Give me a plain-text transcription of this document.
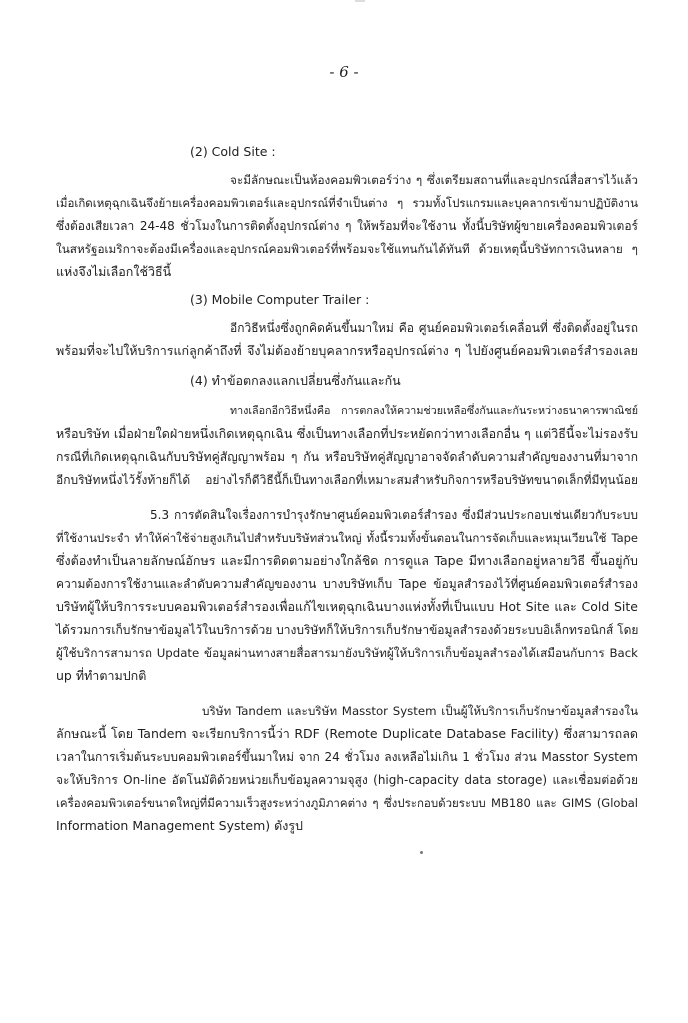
- 6 -
(2) Cold Site :
จะมีลักษณะเป็นห้องคอมพิวเตอร์ว่าง ๆ ซึ่งเตรียมสถานที่และอุปกรณ์สื่อสารไว้แล้ว
เมื่อเกิดเหตุฉุกเฉินจึงย้ายเครื่องคอมพิวเตอร์และอุปกรณ์ที่จำเป็นต่าง ๆ รวมทั้งโปรแกรมและบุคลากรเข้ามาปฏิบัติงาน
ซึ่งต้องเสียเวลา 24-48 ชั่วโมงในการติดตั้งอุปกรณ์ต่าง ๆ ให้พร้อมที่จะใช้งาน ทั้งนี้บริษัทผู้ขายเครื่องคอมพิวเตอร์
ในสหรัฐอเมริกาจะต้องมีเครื่องและอุปกรณ์คอมพิวเตอร์ที่พร้อมจะใช้แทนกันได้ทันที ด้วยเหตุนี้บริษัทการเงินหลาย ๆ
แห่งจึงไม่เลือกใช้วิธีนี้
(3) Mobile Computer Trailer :
อีกวิธีหนึ่งซึ่งถูกคิดค้นขึ้นมาใหม่ คือ ศูนย์คอมพิวเตอร์เคลื่อนที่ ซึ่งติดตั้งอยู่ในรถ
พร้อมที่จะไปให้บริการแก่ลูกค้าถึงที่ จึงไม่ต้องย้ายบุคลากรหรืออุปกรณ์ต่าง ๆ ไปยังศูนย์คอมพิวเตอร์สำรองเลย
(4) ทำข้อตกลงแลกเปลี่ยนซึ่งกันและกัน
ทางเลือกอีกวิธีหนึ่งคือ การตกลงให้ความช่วยเหลือซึ่งกันและกันระหว่างธนาคารพาณิชย์
หรือบริษัท เมื่อฝ่ายใดฝ่ายหนึ่งเกิดเหตุฉุกเฉิน ซึ่งเป็นทางเลือกที่ประหยัดกว่าทางเลือกอื่น ๆ แต่วิธีนี้จะไม่รองรับ
กรณีที่เกิดเหตุฉุกเฉินกับบริษัทคู่สัญญาพร้อม ๆ กัน หรือบริษัทคู่สัญญาอาจจัดลำดับความสำคัญของงานที่มาจาก
อีกบริษัทหนึ่งไว้รั้งท้ายก็ได้ อย่างไรก็ดีวิธีนี้ก็เป็นทางเลือกที่เหมาะสมสำหรับกิจการหรือบริษัทขนาดเล็กที่มีทุนน้อย
5.3 การตัดสินใจเรื่องการบำรุงรักษาศูนย์คอมพิวเตอร์สำรอง ซึ่งมีส่วนประกอบเช่นเดียวกับระบบ
ที่ใช้งานประจำ ทำให้ค่าใช้จ่ายสูงเกินไปสำหรับบริษัทส่วนใหญ่ ทั้งนี้รวมทั้งขั้นตอนในการจัดเก็บและหมุนเวียนใช้ Tape
ซึ่งต้องทำเป็นลายลักษณ์อักษร และมีการติดตามอย่างใกล้ชิด การดูแล Tape มีทางเลือกอยู่หลายวิธี ขึ้นอยู่กับ
ความต้องการใช้งานและลำดับความสำคัญของงาน บางบริษัทเก็บ Tape ข้อมูลสำรองไว้ที่ศูนย์คอมพิวเตอร์สำรอง
บริษัทผู้ให้บริการระบบคอมพิวเตอร์สำรองเพื่อแก้ไขเหตุฉุกเฉินบางแห่งทั้งที่เป็นแบบ Hot Site และ Cold Site
ได้รวมการเก็บรักษาข้อมูลไว้ในบริการด้วย บางบริษัทก็ให้บริการเก็บรักษาข้อมูลสำรองด้วยระบบอิเล็กทรอนิกส์ โดย
ผู้ใช้บริการสามารถ Update ข้อมูลผ่านทางสายสื่อสารมายังบริษัทผู้ให้บริการเก็บข้อมูลสำรองได้เสมือนกับการ Back
up ที่ทำตามปกติ
บริษัท Tandem และบริษัท Masstor System เป็นผู้ให้บริการเก็บรักษาข้อมูลสำรองใน
ลักษณะนี้ โดย Tandem จะเรียกบริการนี้ว่า RDF (Remote Duplicate Database Facility) ซึ่งสามารถลด
เวลาในการเริ่มต้นระบบคอมพิวเตอร์ขึ้นมาใหม่ จาก 24 ชั่วโมง ลงเหลือไม่เกิน 1 ชั่วโมง ส่วน Masstor System
จะให้บริการ On-line อัตโนมัติด้วยหน่วยเก็บข้อมูลความจุสูง (high-capacity data storage) และเชื่อมต่อด้วย
เครื่องคอมพิวเตอร์ขนาดใหญ่ที่มีความเร็วสูงระหว่างภูมิภาคต่าง ๆ ซึ่งประกอบด้วยระบบ MB180 และ GIMS (Global
Information Management System) ดังรูป
